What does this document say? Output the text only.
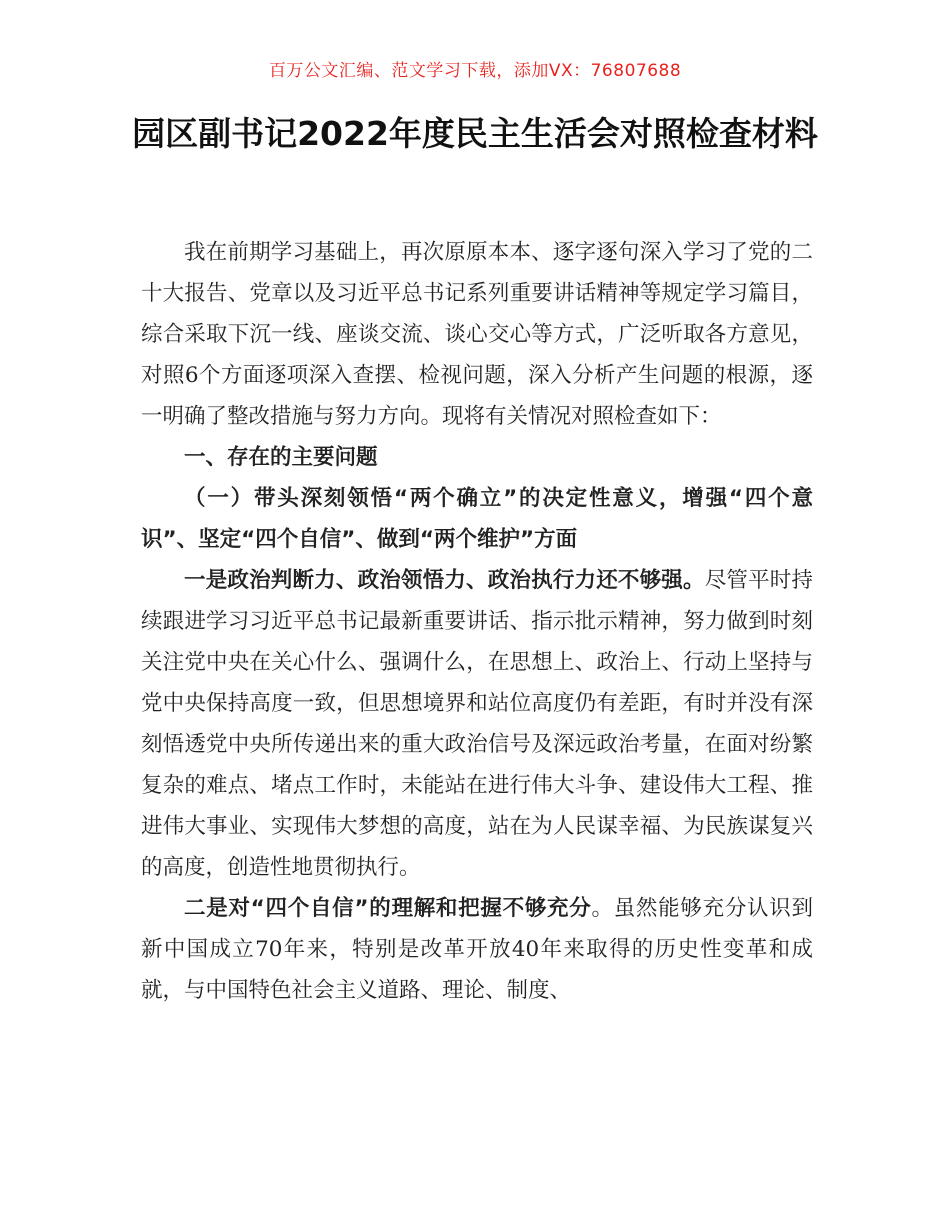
百万公文汇编、范文学习下载，添加VX：76807688
园区副书记2022年度民主生活会对照检查材料

我在前期学习基础上，再次原原本本、逐字逐句深入学习了党的二十大报告、党章以及习近平总书记系列重要讲话精神等规定学习篇目，综合采取下沉一线、座谈交流、谈心交心等方式，广泛听取各方意见，对照6个方面逐项深入查摆、检视问题，深入分析产生问题的根源，逐一明确了整改措施与努力方向。现将有关情况对照检查如下：

一、存在的主要问题

（一）带头深刻领悟“两个确立”的决定性意义，增强“四个意识”、坚定“四个自信”、做到“两个维护”方面

一是政治判断力、政治领悟力、政治执行力还不够强。尽管平时持续跟进学习习近平总书记最新重要讲话、指示批示精神，努力做到时刻关注党中央在关心什么、强调什么，在思想上、政治上、行动上坚持与党中央保持高度一致，但思想境界和站位高度仍有差距，有时并没有深刻悟透党中央所传递出来的重大政治信号及深远政治考量，在面对纷繁复杂的难点、堵点工作时，未能站在进行伟大斗争、建设伟大工程、推进伟大事业、实现伟大梦想的高度，站在为人民谋幸福、为民族谋复兴的高度，创造性地贯彻执行。

二是对“四个自信”的理解和把握不够充分。虽然能够充分认识到新中国成立70年来，特别是改革开放40年来取得的历史性变革和成就，与中国特色社会主义道路、理论、制度、
